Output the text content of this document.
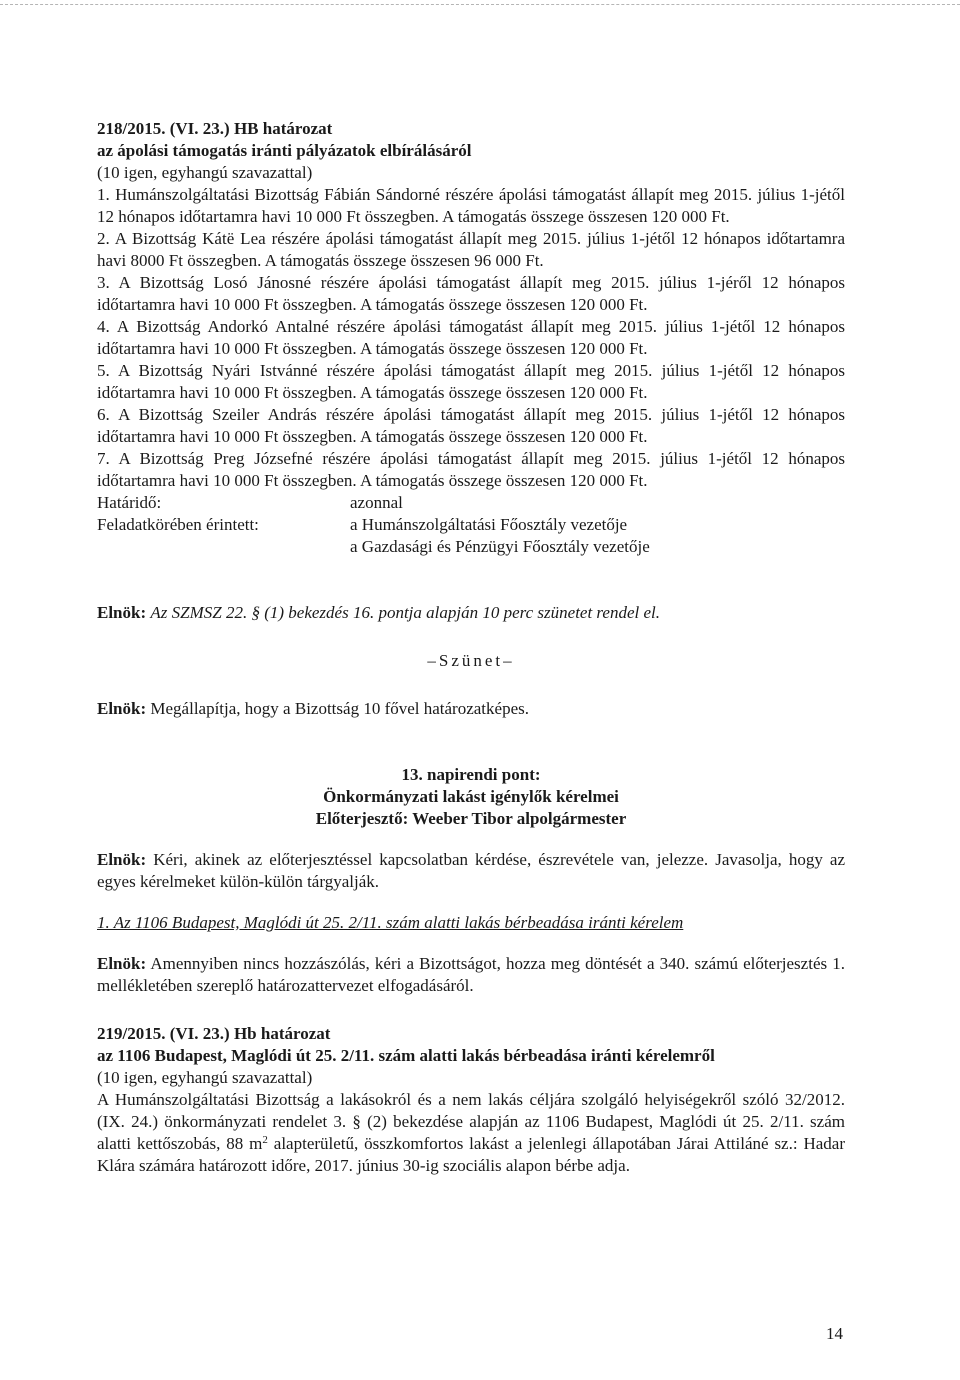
218/2015. (VI. 23.) HB határozat

az ápolási támogatás iránti pályázatok elbírálásáról

(10 igen, egyhangú szavazattal)

1. Humánszolgáltatási Bizottság Fábián Sándorné részére ápolási támogatást állapít meg 2015. július 1-jétől 12 hónapos időtartamra havi 10 000 Ft összegben. A támogatás összege összesen 120 000 Ft.

2. A Bizottság Kátë Lea részére ápolási támogatást állapít meg 2015. július 1-jétől 12 hónapos időtartamra havi 8000 Ft összegben. A támogatás összege összesen 96 000 Ft.

3. A Bizottság Losó Jánosné részére ápolási támogatást állapít meg 2015. július 1-jéről 12 hónapos időtartamra havi 10 000 Ft összegben. A támogatás összege összesen 120 000 Ft.

4. A Bizottság Andorkó Antalné részére ápolási támogatást állapít meg 2015. július 1-jétől 12 hónapos időtartamra havi 10 000 Ft összegben. A támogatás összege összesen 120 000 Ft.

5. A Bizottság Nyári Istvánné részére ápolási támogatást állapít meg 2015. július 1-jétől 12 hónapos időtartamra havi 10 000 Ft összegben. A támogatás összege összesen 120 000 Ft.

6. A Bizottság Szeiler András részére ápolási támogatást állapít meg 2015. július 1-jétől 12 hónapos időtartamra havi 10 000 Ft összegben. A támogatás összege összesen 120 000 Ft.

7. A Bizottság Preg Józsefné részére ápolási támogatást állapít meg 2015. július 1-jétől 12 hónapos időtartamra havi 10 000 Ft összegben. A támogatás összege összesen 120 000 Ft.

Határidő:	azonnal
Feladatkörében érintett:	a Humánszolgáltatási Főosztály vezetője
a Gazdasági és Pénzügyi Főosztály vezetője

Elnök: Az SZMSZ 22. § (1) bekezdés 16. pontja alapján 10 perc szünetet rendel el.

–Szünet–

Elnök: Megállapítja, hogy a Bizottság 10 fővel határozatképes.

13. napirendi pont:

Önkormányzati lakást igénylők kérelmei

Előterjesztő: Weeber Tibor alpolgármester

Elnök: Kéri, akinek az előterjesztéssel kapcsolatban kérdése, észrevétele van, jelezze. Javasolja, hogy az egyes kérelmeket külön-külön tárgyalják.

1. Az 1106 Budapest, Maglódi út 25. 2/11. szám alatti lakás bérbeadása iránti kérelem

Elnök: Amennyiben nincs hozzászólás, kéri a Bizottságot, hozza meg döntését a 340. számú előterjesztés 1. mellékletében szereplő határozattervezet elfogadásáról.

219/2015. (VI. 23.) Hb határozat

az 1106 Budapest, Maglódi út 25. 2/11. szám alatti lakás bérbeadása iránti kérelemről

(10 igen, egyhangú szavazattal)

A Humánszolgáltatási Bizottság a lakásokról és a nem lakás céljára szolgáló helyiségekről szóló 32/2012. (IX. 24.) önkormányzati rendelet 3. § (2) bekezdése alapján az 1106 Budapest, Maglódi út 25. 2/11. szám alatti kettőszobás, 88 $m^2$ alapterületű, összkomfortos lakást a jelenlegi állapotában Járai Attiláné sz.: Hadar Klára számára határozott időre, 2017. június 30-ig szociális alapon bérbe adja.

14
